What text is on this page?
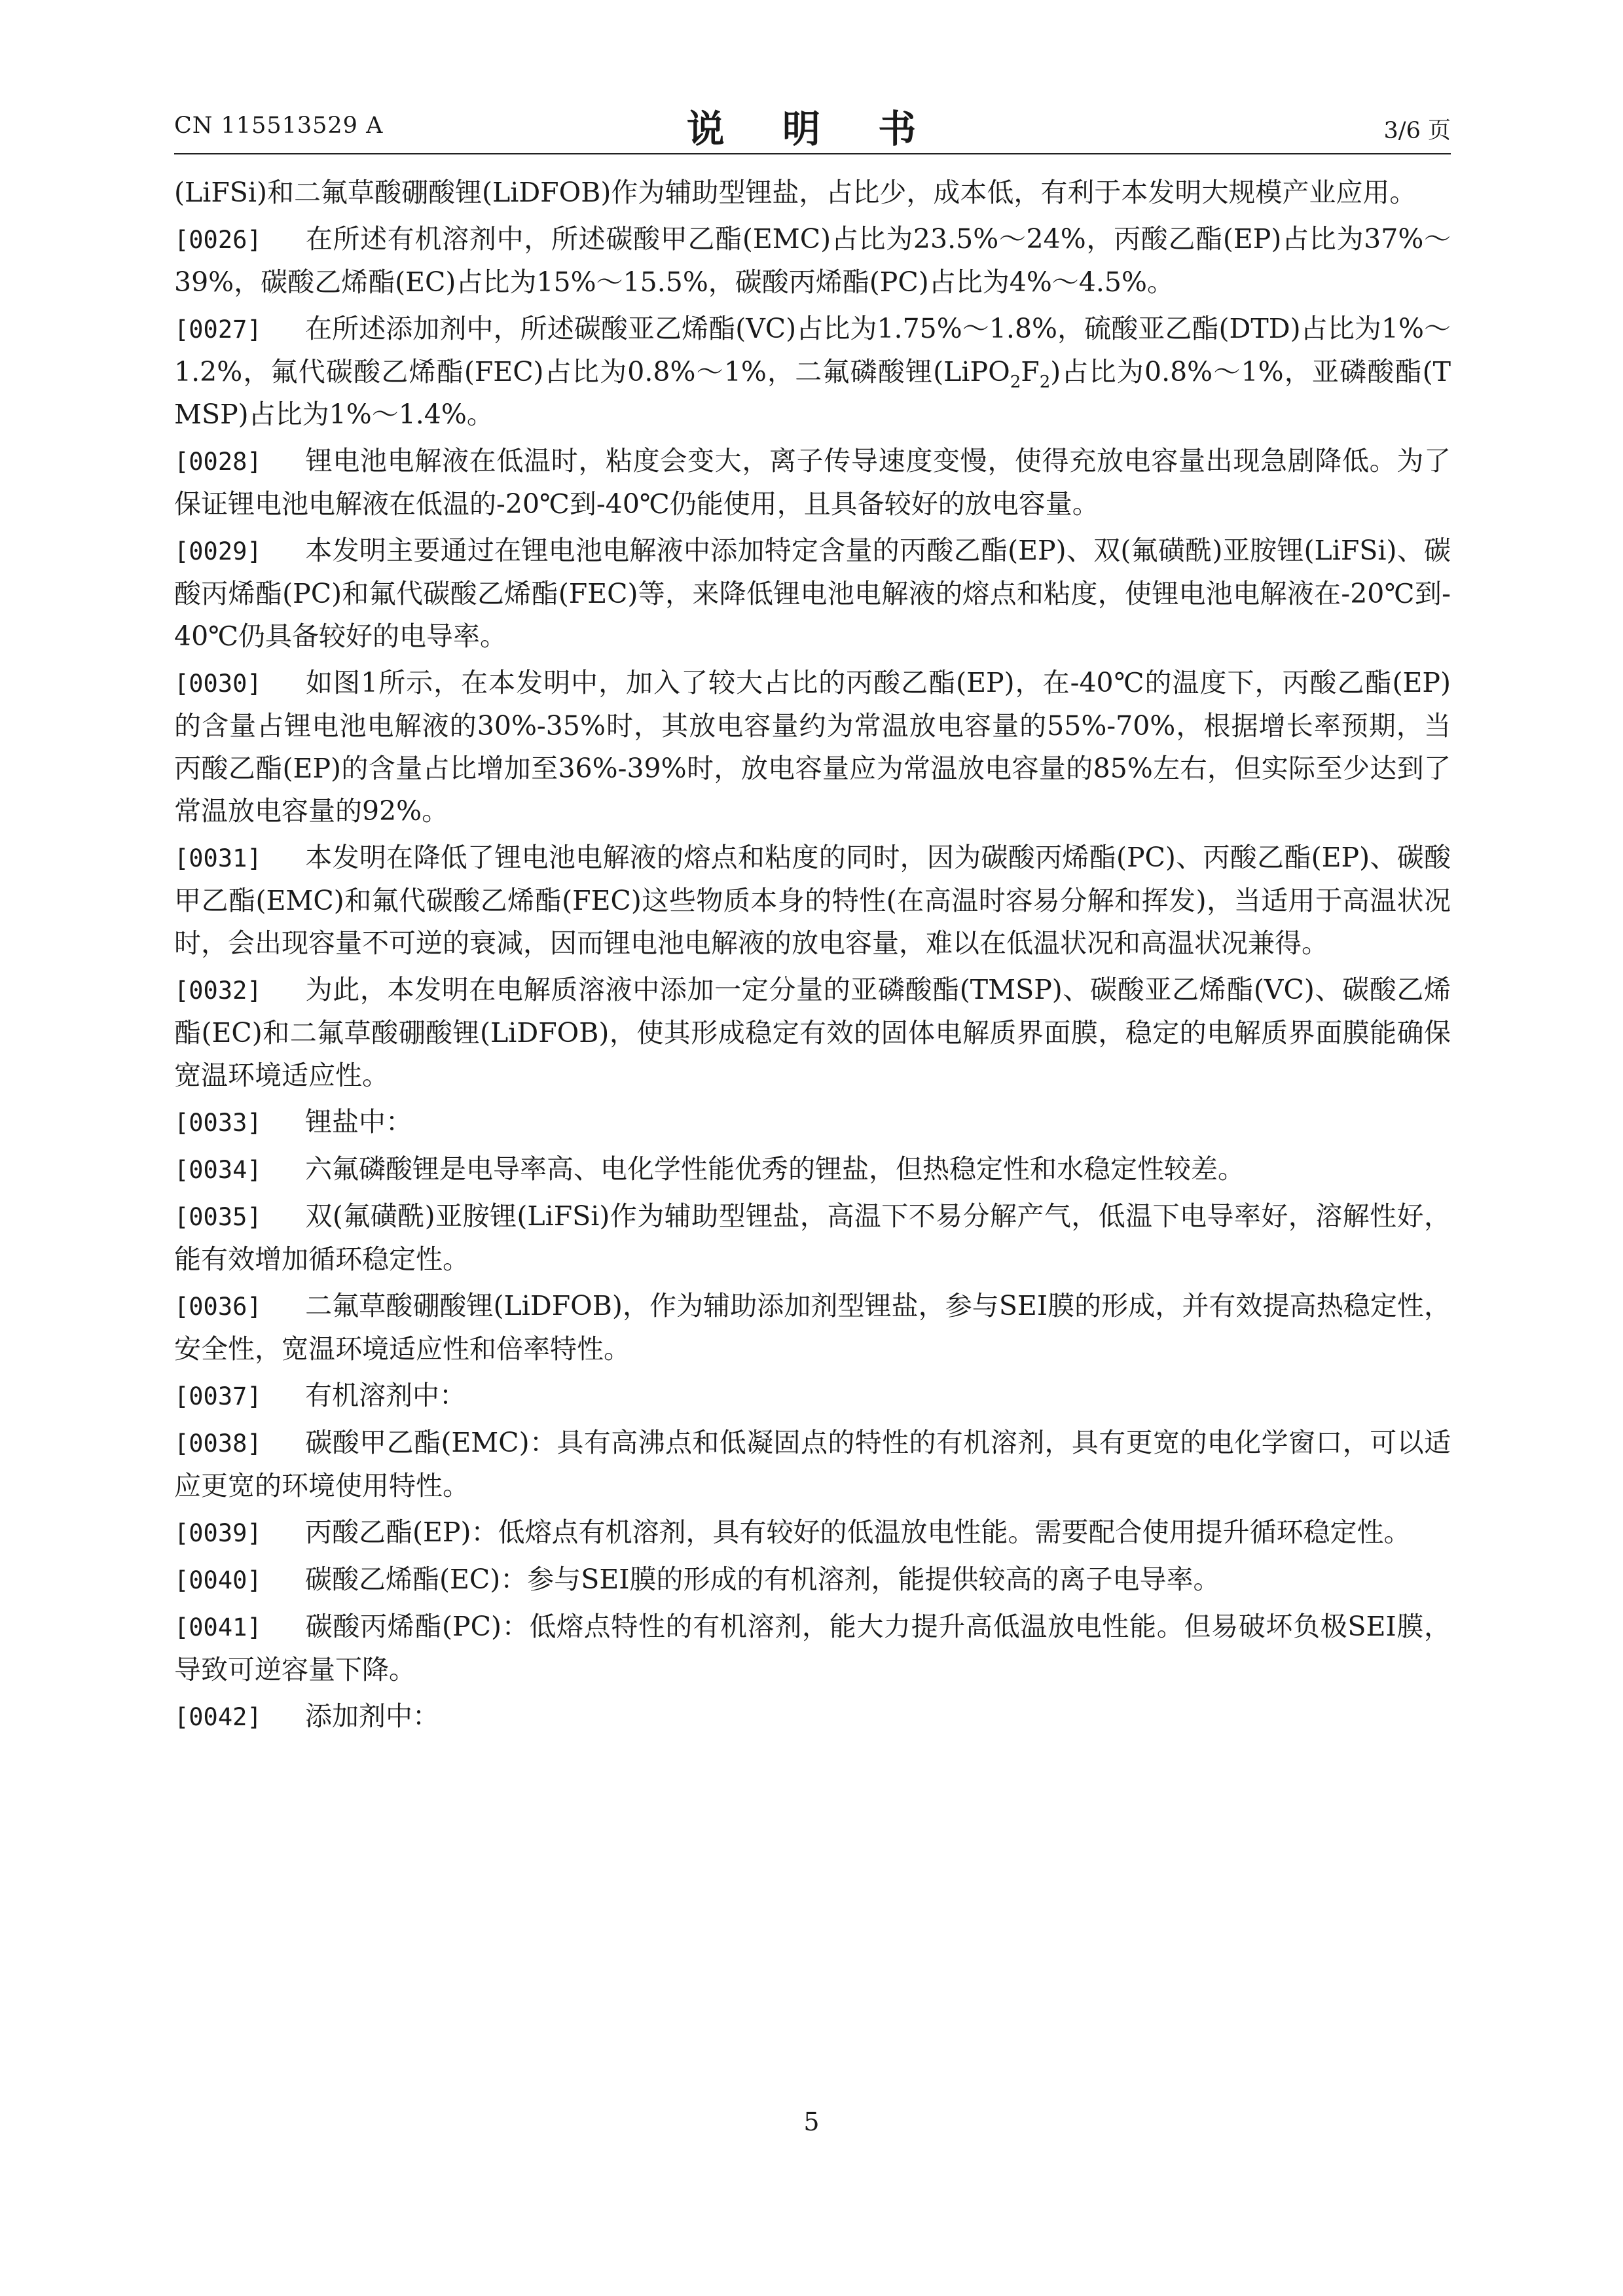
CN 115513529 A	说 明 书	3/6 页

(LiFSi)和二氟草酸硼酸锂(LiDFOB)作为辅助型锂盐，占比少，成本低，有利于本发明大规模产业应用。

[0026] 在所述有机溶剂中，所述碳酸甲乙酯(EMC)占比为23.5%～24%，丙酸乙酯(EP)占比为37%～39%，碳酸乙烯酯(EC)占比为15%～15.5%，碳酸丙烯酯(PC)占比为4%～4.5%。

[0027] 在所述添加剂中，所述碳酸亚乙烯酯(VC)占比为1.75%～1.8%，硫酸亚乙酯(DTD)占比为1%～1.2%，氟代碳酸乙烯酯(FEC)占比为0.8%～1%，二氟磷酸锂$(LiPO_2F_2)$占比为0.8%～1%，亚磷酸酯(TMSP)占比为1%～1.4%。

[0028] 锂电池电解液在低温时，粘度会变大，离子传导速度变慢，使得充放电容量出现急剧降低。为了保证锂电池电解液在低温的-20℃到-40℃仍能使用，且具备较好的放电容量。

[0029] 本发明主要通过在锂电池电解液中添加特定含量的丙酸乙酯(EP)、双(氟磺酰)亚胺锂(LiFSi)、碳酸丙烯酯(PC)和氟代碳酸乙烯酯(FEC)等，来降低锂电池电解液的熔点和粘度，使锂电池电解液在-20℃到-40℃仍具备较好的电导率。

[0030] 如图1所示，在本发明中，加入了较大占比的丙酸乙酯(EP)，在-40℃的温度下，丙酸乙酯(EP)的含量占锂电池电解液的30%-35%时，其放电容量约为常温放电容量的55%-70%，根据增长率预期，当丙酸乙酯(EP)的含量占比增加至36%-39%时，放电容量应为常温放电容量的85%左右，但实际至少达到了常温放电容量的92%。

[0031] 本发明在降低了锂电池电解液的熔点和粘度的同时，因为碳酸丙烯酯(PC)、丙酸乙酯(EP)、碳酸甲乙酯(EMC)和氟代碳酸乙烯酯(FEC)这些物质本身的特性(在高温时容易分解和挥发)，当适用于高温状况时，会出现容量不可逆的衰减，因而锂电池电解液的放电容量，难以在低温状况和高温状况兼得。

[0032] 为此，本发明在电解质溶液中添加一定分量的亚磷酸酯(TMSP)、碳酸亚乙烯酯(VC)、碳酸乙烯酯(EC)和二氟草酸硼酸锂(LiDFOB)，使其形成稳定有效的固体电解质界面膜，稳定的电解质界面膜能确保宽温环境适应性。

[0033] 锂盐中：

[0034] 六氟磷酸锂是电导率高、电化学性能优秀的锂盐，但热稳定性和水稳定性较差。

[0035] 双(氟磺酰)亚胺锂(LiFSi)作为辅助型锂盐，高温下不易分解产气，低温下电导率好，溶解性好，能有效增加循环稳定性。

[0036] 二氟草酸硼酸锂(LiDFOB)，作为辅助添加剂型锂盐，参与SEI膜的形成，并有效提高热稳定性，安全性，宽温环境适应性和倍率特性。

[0037] 有机溶剂中：

[0038] 碳酸甲乙酯(EMC)：具有高沸点和低凝固点的特性的有机溶剂，具有更宽的电化学窗口，可以适应更宽的环境使用特性。

[0039] 丙酸乙酯(EP)：低熔点有机溶剂，具有较好的低温放电性能。需要配合使用提升循环稳定性。

[0040] 碳酸乙烯酯(EC)：参与SEI膜的形成的有机溶剂，能提供较高的离子电导率。

[0041] 碳酸丙烯酯(PC)：低熔点特性的有机溶剂，能大力提升高低温放电性能。但易破坏负极SEI膜，导致可逆容量下降。

[0042] 添加剂中：

5
